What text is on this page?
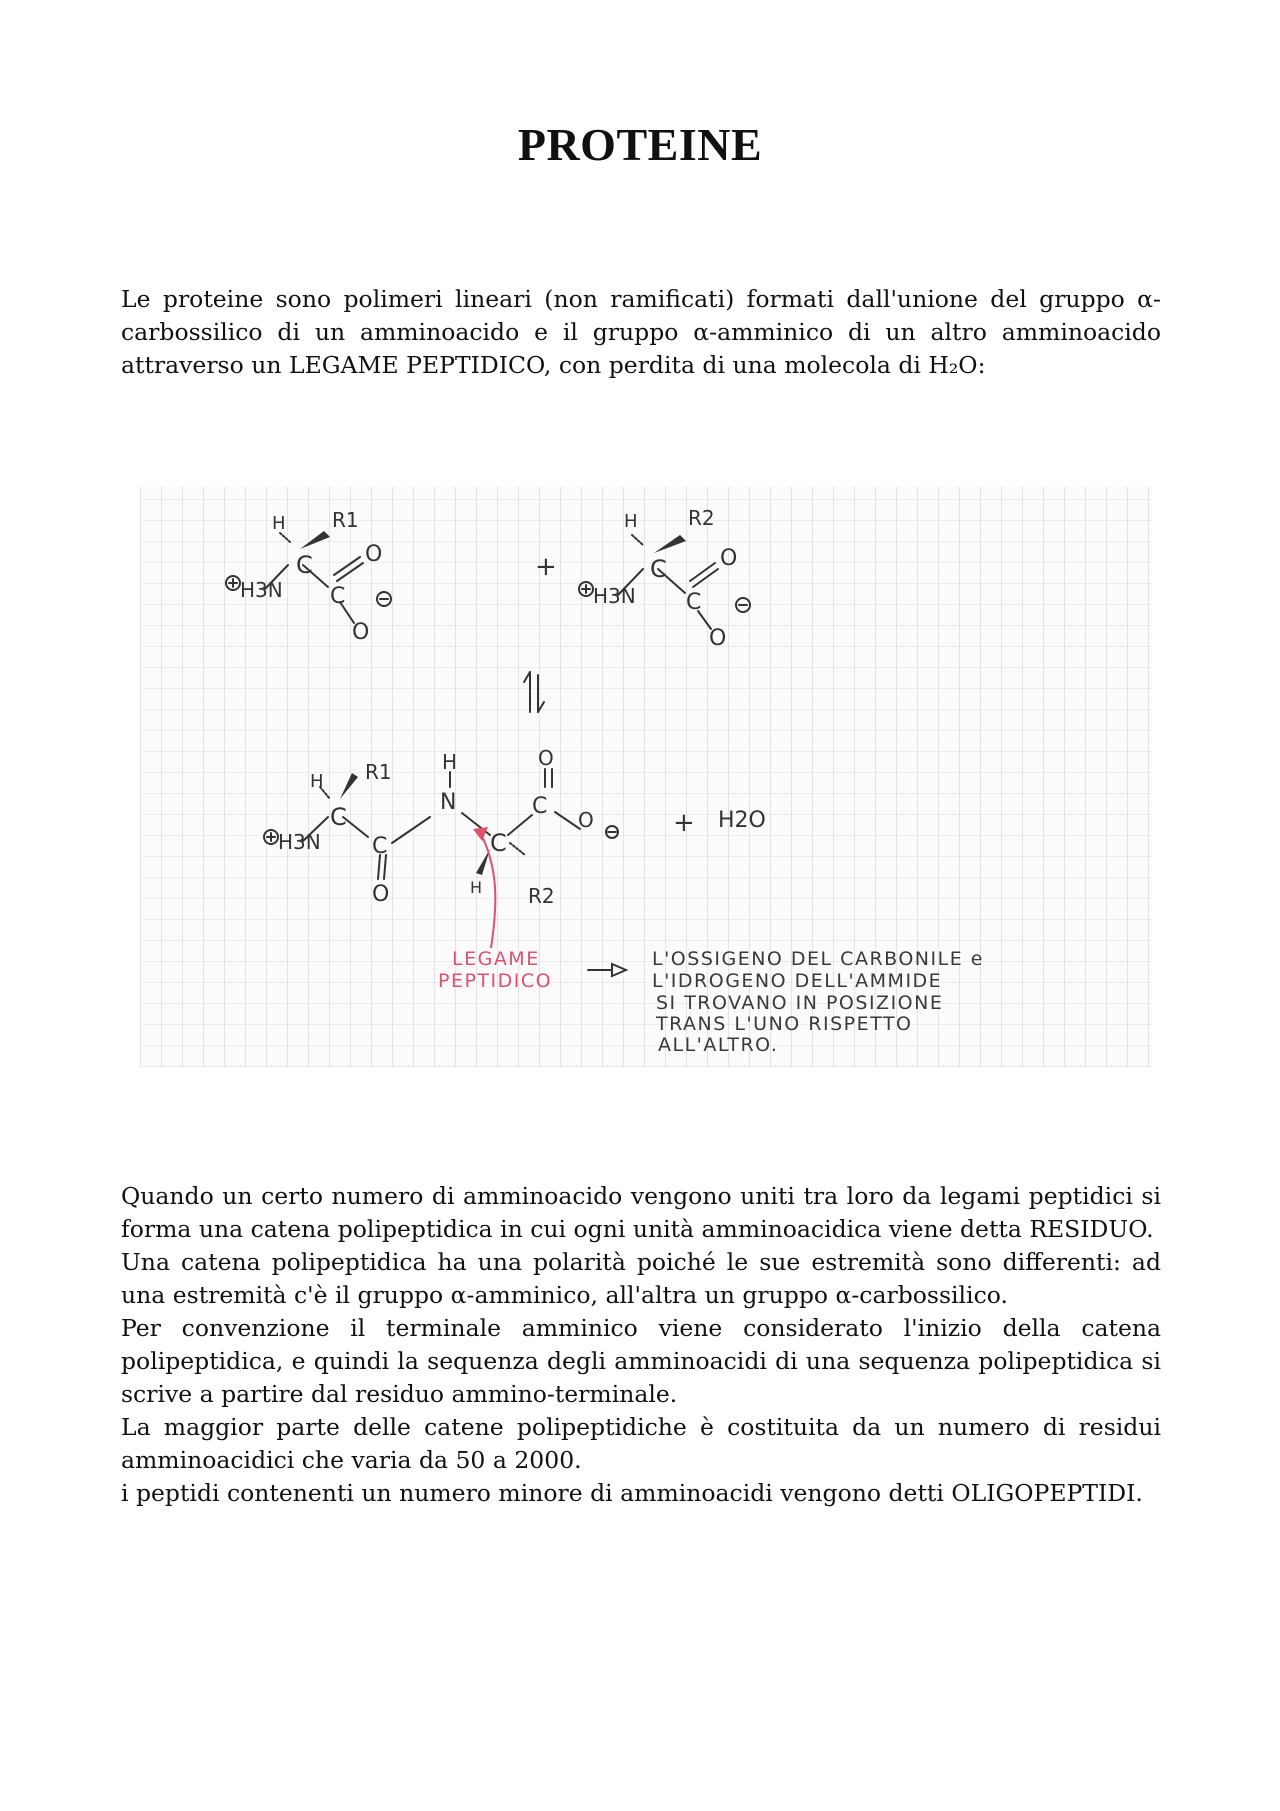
PROTEINE

Le proteine sono polimeri lineari (non ramificati) formati dall'unione del gruppo α-carbossilico di un amminoacido e il gruppo α-amminico di un altro amminoacido attraverso un LEGAME PEPTIDICO, con perdita di una molecola di H₂O:

C
H R1
H3N C
O
O
+	C
H	R2
H3N C
O
O
C
H R1
H3N C
O
H
N
C
H R2
C
O
O	+ H2O
LEGAME
PEPTIDICO
L'OSSIGENO DEL CARBONILE e
L'IDROGENO DELL'AMMIDE
SI TROVANO IN POSIZIONE
TRANS L'UNO RISPETTO
ALL'ALTRO.

Quando un certo numero di amminoacido vengono uniti tra loro da legami peptidici si forma una catena polipeptidica in cui ogni unità amminoacidica viene detta RESIDUO.

Una catena polipeptidica ha una polarità poiché le sue estremità sono differenti: ad una estremità c'è il gruppo α-amminico, all'altra un gruppo α-carbossilico.

Per convenzione il terminale amminico viene considerato l'inizio della catena polipeptidica, e quindi la sequenza degli amminoacidi di una sequenza polipeptidica si scrive a partire dal residuo ammino-terminale.

La maggior parte delle catene polipeptidiche è costituita da un numero di residui amminoacidici che varia da 50 a 2000.

i peptidi contenenti un numero minore di amminoacidi vengono detti OLIGOPEPTIDI.
